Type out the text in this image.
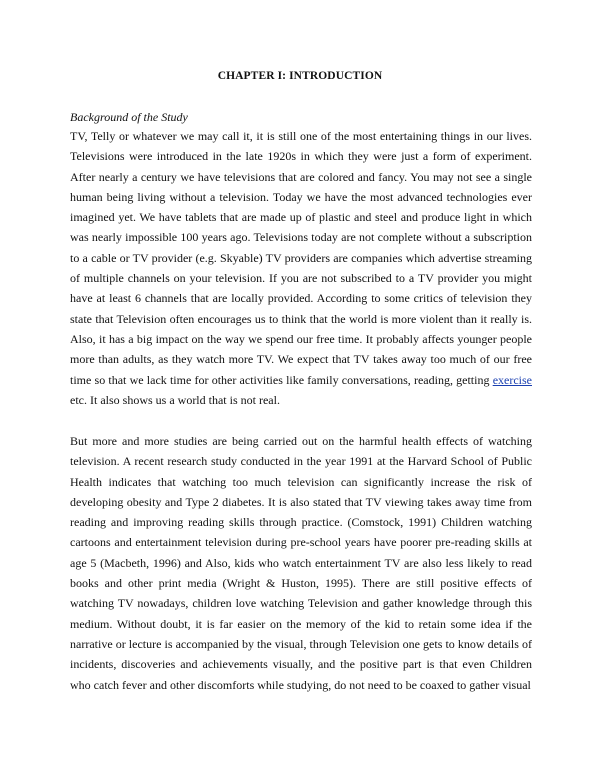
CHAPTER I: INTRODUCTION
Background of the Study

TV, Telly or whatever we may call it, it is still one of the most entertaining things in our lives. Televisions were introduced in the late 1920s in which they were just a form of experiment. After nearly a century we have televisions that are colored and fancy. You may not see a single human being living without a television. Today we have the most advanced technologies ever imagined yet. We have tablets that are made up of plastic and steel and produce light in which was nearly impossible 100 years ago. Televisions today are not complete without a subscription to a cable or TV provider (e.g. Skyable) TV providers are companies which advertise streaming of multiple channels on your television. If you are not subscribed to a TV provider you might have at least 6 channels that are locally provided. According to some critics of television they state that Television often encourages us to think that the world is more violent than it really is. Also, it has a big impact on the way we spend our free time. It probably affects younger people more than adults, as they watch more TV. We expect that TV takes away too much of our free time so that we lack time for other activities like family conversations, reading, getting exercise etc. It also shows us a world that is not real.

But more and more studies are being carried out on the harmful health effects of watching television. A recent research study conducted in the year 1991 at the Harvard School of Public Health indicates that watching too much television can significantly increase the risk of developing obesity and Type 2 diabetes. It is also stated that TV viewing takes away time from reading and improving reading skills through practice. (Comstock, 1991) Children watching cartoons and entertainment television during pre-school years have poorer pre-reading skills at age 5 (Macbeth, 1996) and Also, kids who watch entertainment TV are also less likely to read books and other print media (Wright & Huston, 1995). There are still positive effects of watching TV nowadays, children love watching Television and gather knowledge through this medium. Without doubt, it is far easier on the memory of the kid to retain some idea if the narrative or lecture is accompanied by the visual, through Television one gets to know details of incidents, discoveries and achievements visually, and the positive part is that even Children who catch fever and other discomforts while studying, do not need to be coaxed to gather visual
